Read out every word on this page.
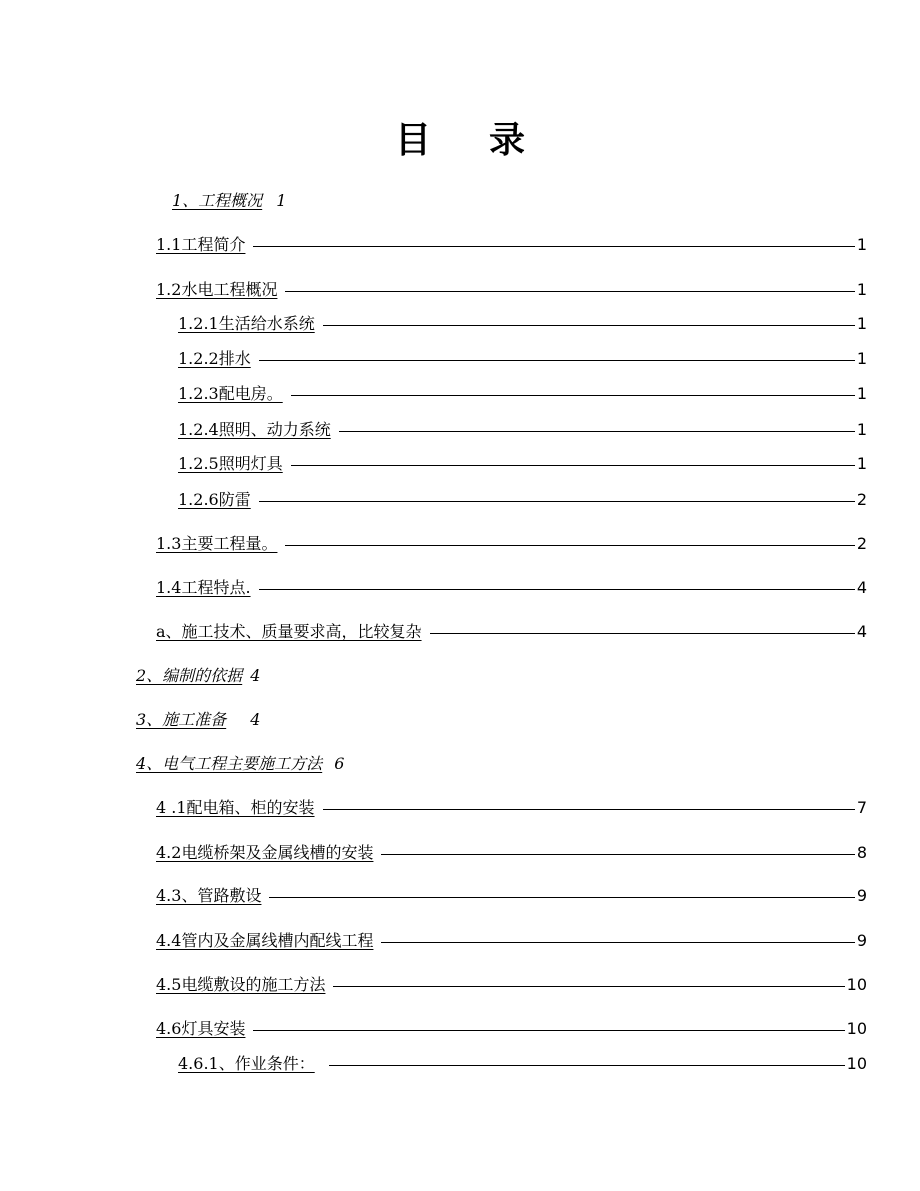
目 录
1、工程概况 1
1.1工程简介	1
1.2水电工程概况	1
1.2.1生活给水系统	1
1.2.2排水	1
1.2.3配电房。	1
1.2.4照明、动力系统	1
1.2.5照明灯具	1
1.2.6防雷	2
1.3主要工程量。	2
1.4工程特点.	4
a、施工技术、质量要求高，比较复杂	4
2、编制的依据 4
3、施工准备 4
4、电气工程主要施工方法 6
4 .1配电箱、柜的安装	7
4.2电缆桥架及金属线槽的安装	8
4.3、管路敷设	9
4.4管内及金属线槽内配线工程	9
4.5电缆敷设的施工方法	10
4.6灯具安装	10
4.6.1、作业条件：	10
